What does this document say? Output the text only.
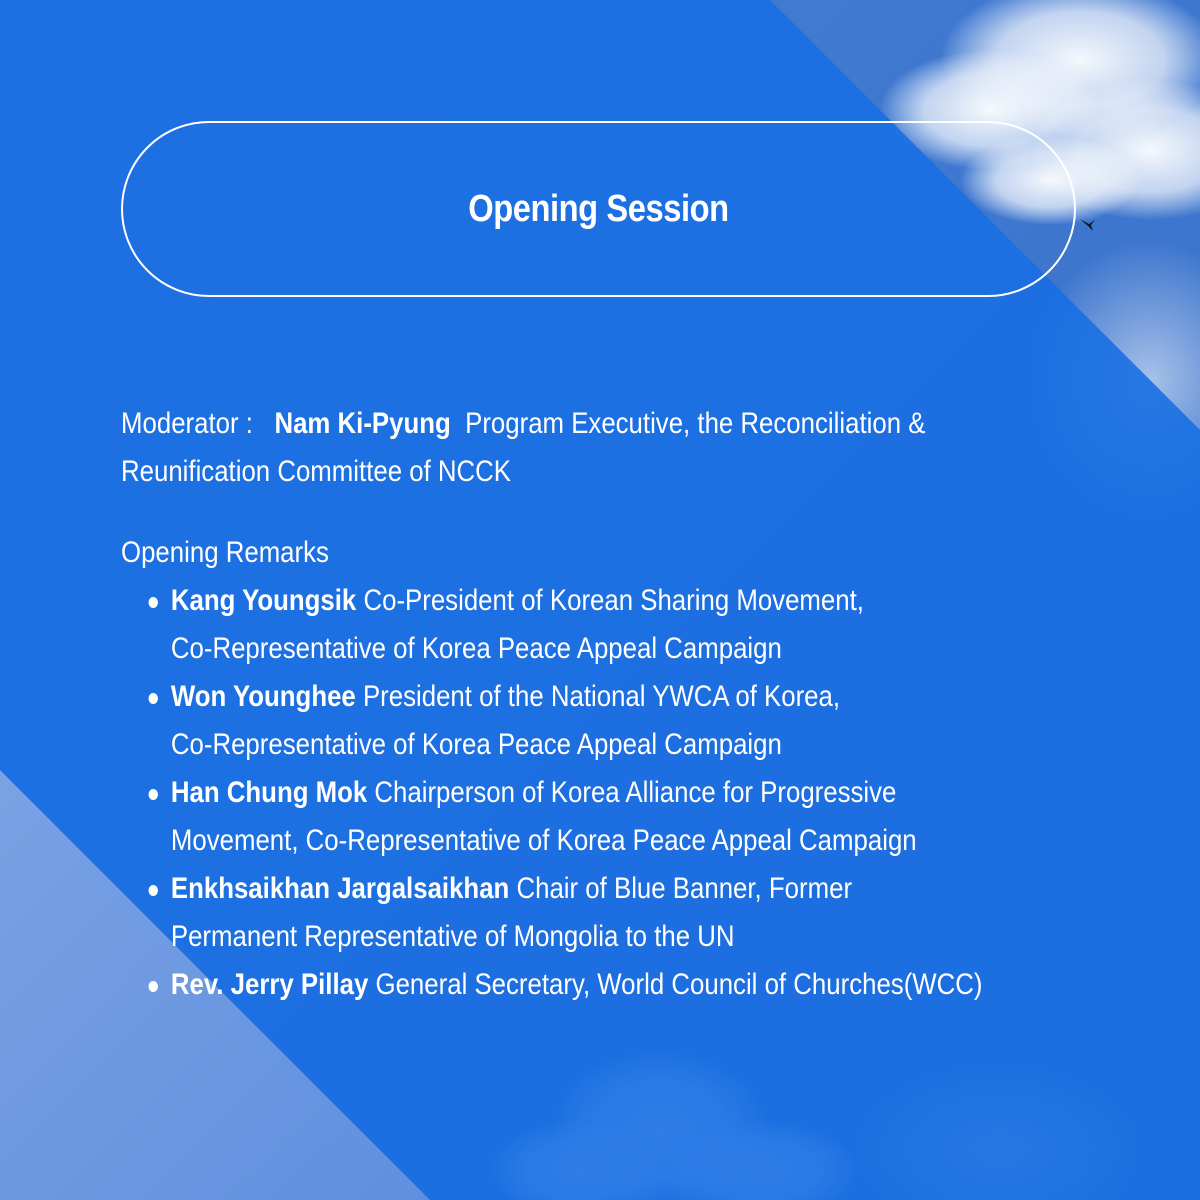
Opening Session
Moderator : Nam Ki-Pyung Program Executive, the Reconciliation &
Reunification Committee of NCCK
Opening Remarks
Kang Youngsik Co-President of Korean Sharing Movement,
Co-Representative of Korea Peace Appeal Campaign
Won Younghee President of the National YWCA of Korea,
Co-Representative of Korea Peace Appeal Campaign
Han Chung Mok Chairperson of Korea Alliance for Progressive
Movement, Co-Representative of Korea Peace Appeal Campaign
Enkhsaikhan Jargalsaikhan Chair of Blue Banner, Former
Permanent Representative of Mongolia to the UN
Rev. Jerry Pillay General Secretary, World Council of Churches(WCC)
